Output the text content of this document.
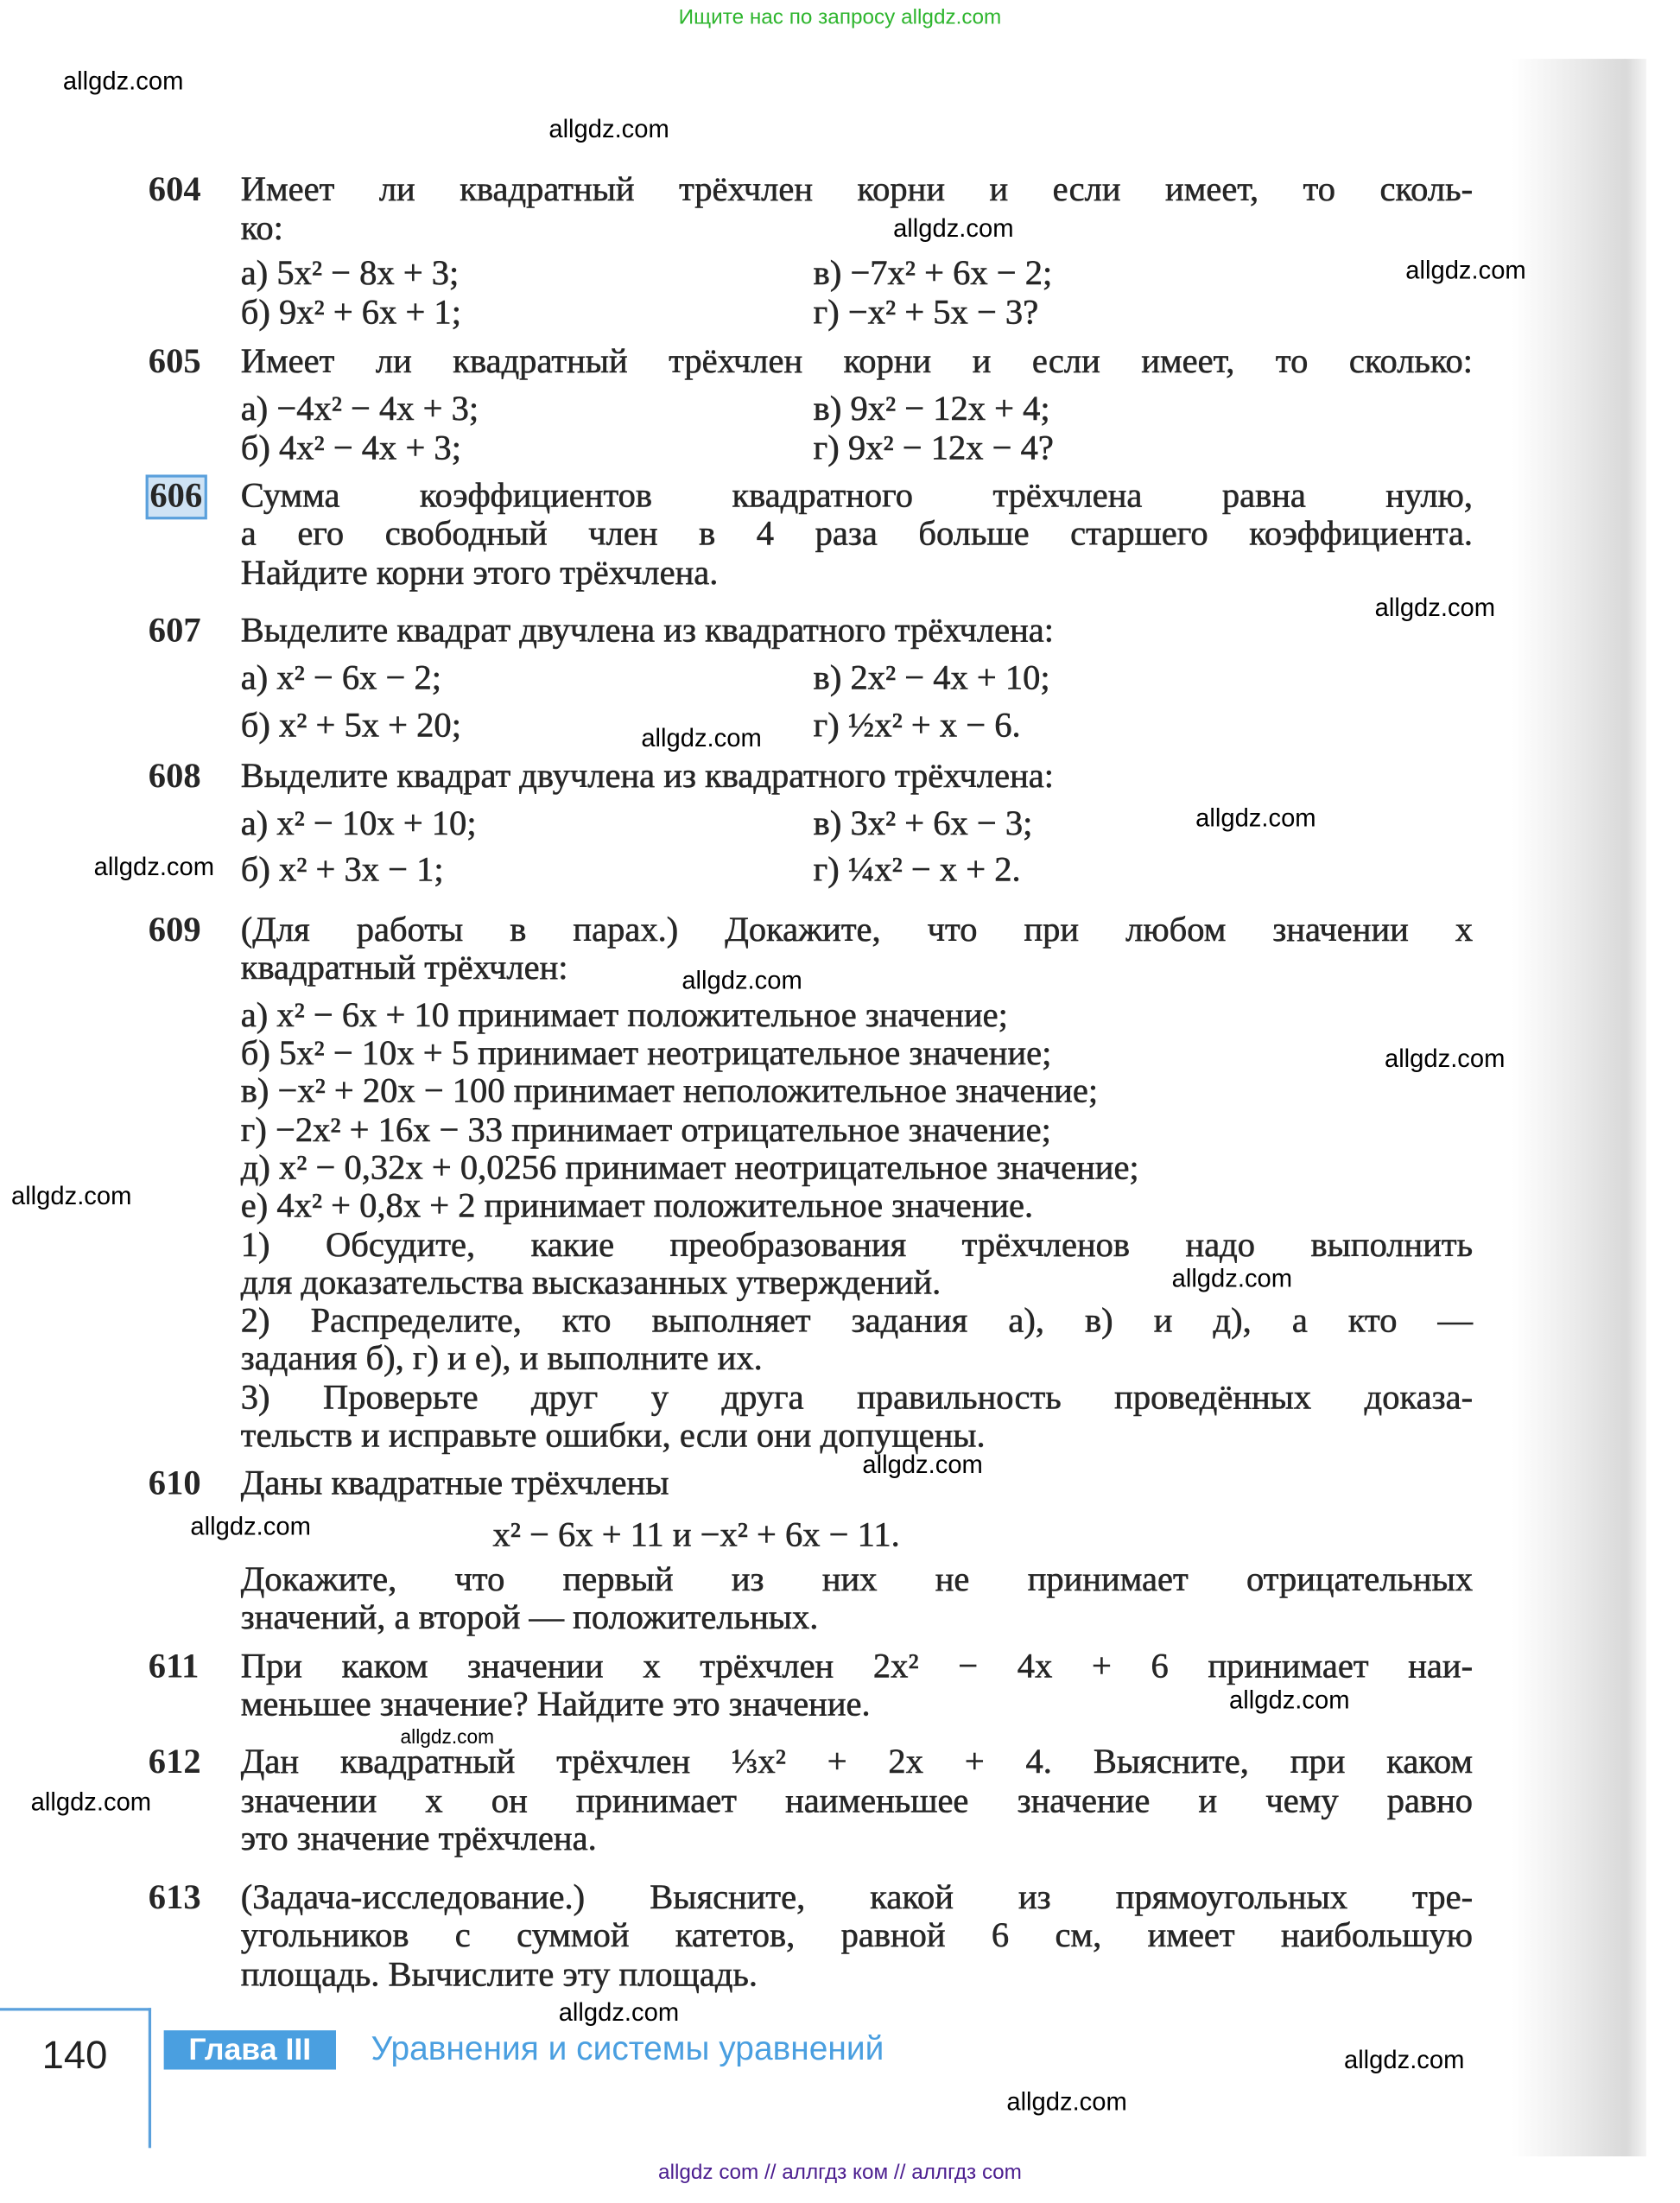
Ищите нас по запросу allgdz.com
604 Имеет ли квадратный трёхчлен корни и если имеет, то сколь-
ко:
а) 5x² − 8x + 3;	в) −7x² + 6x − 2;
б) 9x² + 6x + 1;	г) −x² + 5x − 3?
605 Имеет ли квадратный трёхчлен корни и если имеет, то сколько:
а) −4x² − 4x + 3;	в) 9x² − 12x + 4;
б) 4x² − 4x + 3;	г) 9x² − 12x − 4?
606 Сумма коэффициентов квадратного трёхчлена равна нулю,
а его свободный член в 4 раза больше старшего коэффициента.
Найдите корни этого трёхчлена.
607 Выделите квадрат двучлена из квадратного трёхчлена:
а) x² − 6x − 2;	в) 2x² − 4x + 10;
б) x² + 5x + 20;	г) ½x² + x − 6.
608 Выделите квадрат двучлена из квадратного трёхчлена:
а) x² − 10x + 10;	в) 3x² + 6x − 3;
б) x² + 3x − 1;	г) ¼x² − x + 2.
609 (Для работы в парах.) Докажите, что при любом значении x
квадратный трёхчлен:
а) x² − 6x + 10 принимает положительное значение;
б) 5x² − 10x + 5 принимает неотрицательное значение;
в) −x² + 20x − 100 принимает неположительное значение;
г) −2x² + 16x − 33 принимает отрицательное значение;
д) x² − 0,32x + 0,0256 принимает неотрицательное значение;
е) 4x² + 0,8x + 2 принимает положительное значение.
1) Обсудите, какие преобразования трёхчленов надо выполнить
для доказательства высказанных утверждений.
2) Распределите, кто выполняет задания а), в) и д), а кто —
задания б), г) и е), и выполните их.
3) Проверьте друг у друга правильность проведённых доказа-
тельств и исправьте ошибки, если они допущены.
610 Даны квадратные трёхчлены
x² − 6x + 11 и −x² + 6x − 11.
Докажите, что первый из них не принимает отрицательных
значений, а второй — положительных.
611 При каком значении x трёхчлен 2x² − 4x + 6 принимает наи-
меньшее значение? Найдите это значение.
612 Дан квадратный трёхчлен ⅓x² + 2x + 4. Выясните, при каком
значении x он принимает наименьшее значение и чему равно
это значение трёхчлена.
613 (Задача-исследование.) Выясните, какой из прямоугольных тре-
угольников с суммой катетов, равной 6 см, имеет наибольшую
площадь. Вычислите эту площадь.
allgdz.com
allgdz.com
allgdz.com
allgdz.com
allgdz.com
allgdz.com
allgdz.com
allgdz.com
allgdz.com
allgdz.com
allgdz.com
allgdz.com
allgdz.com
allgdz.com
allgdz.com
allgdz.com
allgdz.com
allgdz.com
allgdz.com
allgdz.com
140	Глава III	Уравнения и системы уравнений
allgdz com // аллгдз ком // аллгдз com
